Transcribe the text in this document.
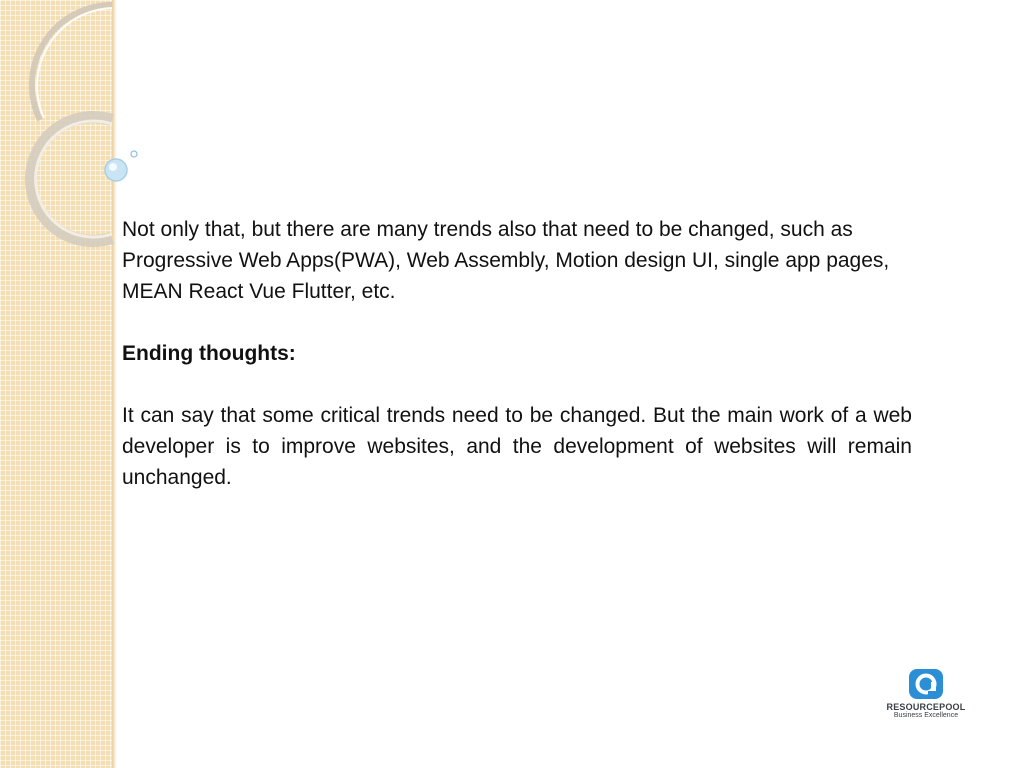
Not only that, but there are many trends also that need to be changed, such as Progressive Web Apps(PWA), Web Assembly, Motion design UI, single app pages, MEAN React Vue Flutter, etc.

Ending thoughts:

It can say that some critical trends need to be changed. But the main work of a web developer is to improve websites, and the development of websites will remain unchanged.

RESOURCEPOOL
Business Excellence
